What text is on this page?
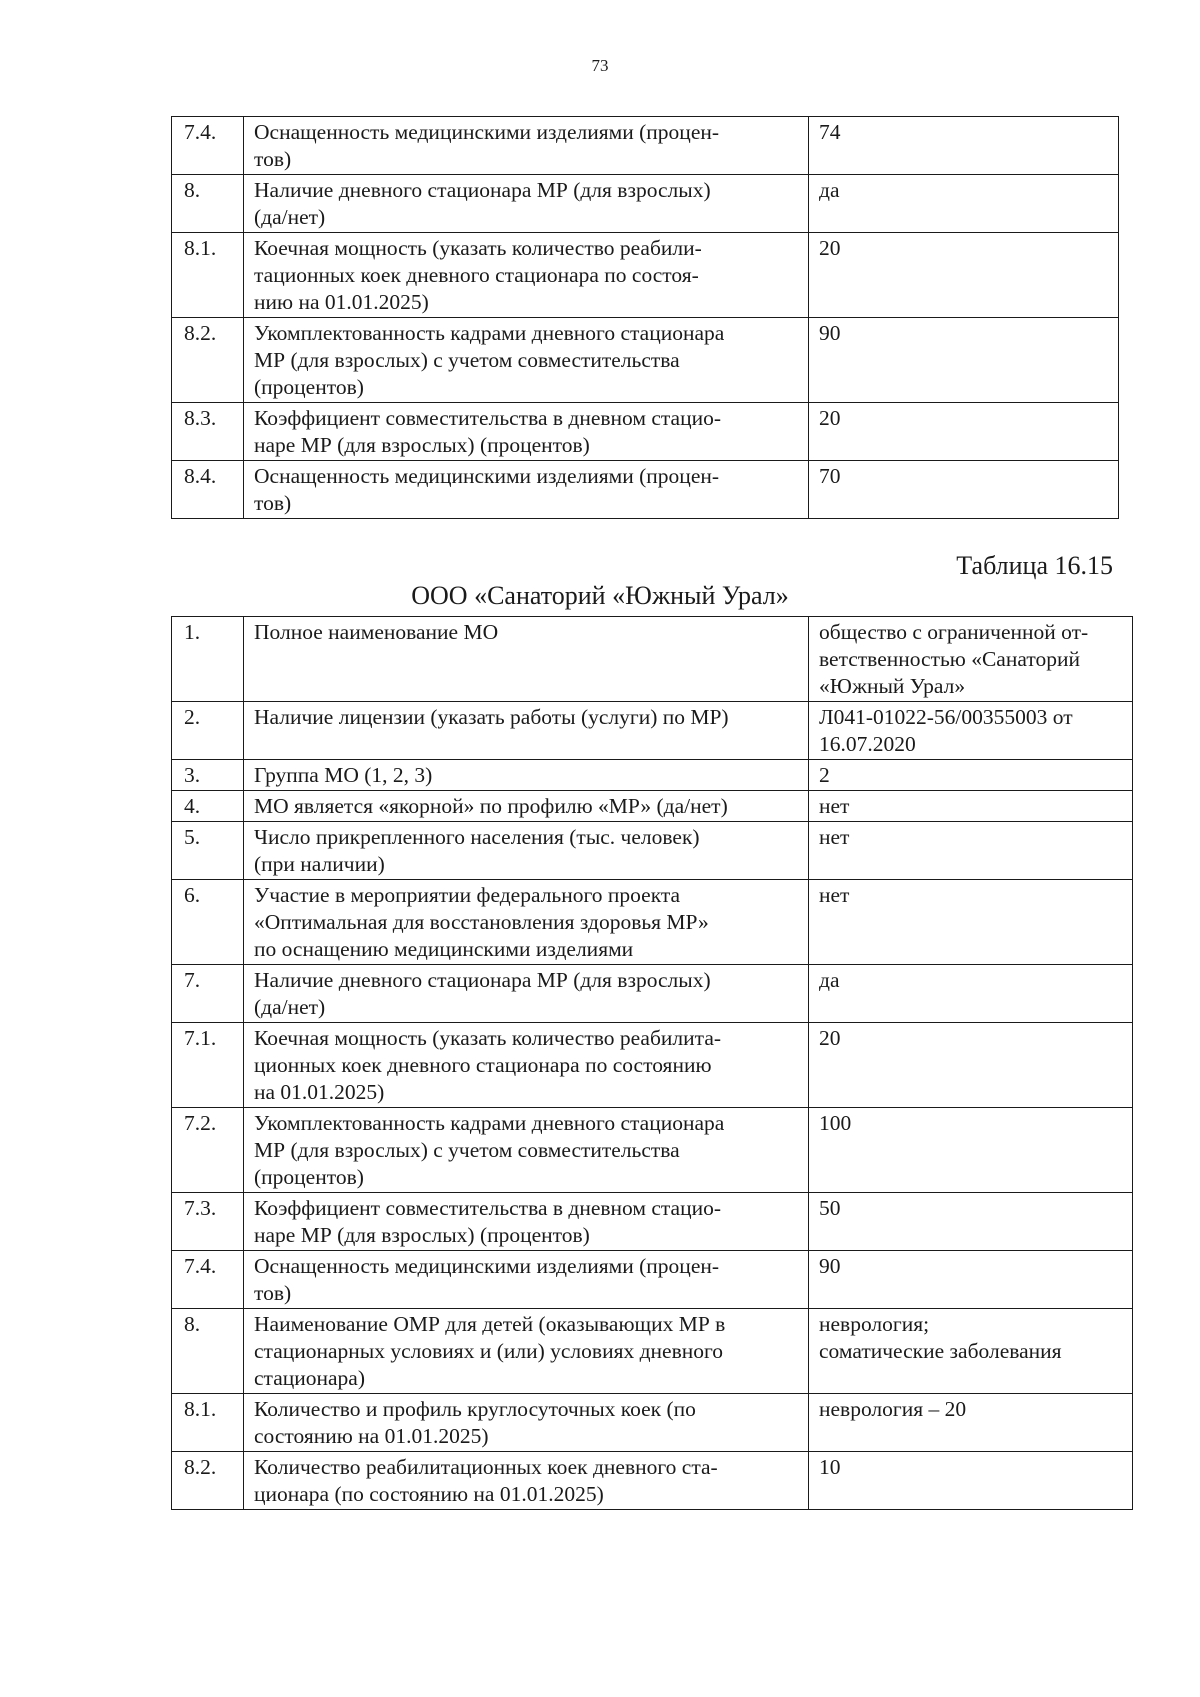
73
7.4.	Оснащенность медицинскими изделиями (процен-
тов)	74
8.	Наличие дневного стационара МР (для взрослых)
(да/нет)	да
8.1.	Коечная мощность (указать количество реабили-
тационных коек дневного стационара по состоя-
нию на 01.01.2025)	20
8.2.	Укомплектованность кадрами дневного стационара
МР (для взрослых) с учетом совместительства
(процентов)	90
8.3.	Коэффициент совместительства в дневном стацио-
наре МР (для взрослых) (процентов)	20
8.4.	Оснащенность медицинскими изделиями (процен-
тов)	70
Таблица 16.15
ООО «Санаторий «Южный Урал»
1.	Полное наименование МО	общество с ограниченной от-
ветственностью «Санаторий
«Южный Урал»
2.	Наличие лицензии (указать работы (услуги) по МР)	Л041-01022-56/00355003 от
16.07.2020
3.	Группа МО (1, 2, 3)	2
4.	МО является «якорной» по профилю «МР» (да/нет)	нет
5.	Число прикрепленного населения (тыс. человек)
(при наличии)	нет
6.	Участие в мероприятии федерального проекта
«Оптимальная для восстановления здоровья МР»
по оснащению медицинскими изделиями	нет
7.	Наличие дневного стационара МР (для взрослых)
(да/нет)	да
7.1.	Коечная мощность (указать количество реабилита-
ционных коек дневного стационара по состоянию
на 01.01.2025)	20
7.2.	Укомплектованность кадрами дневного стационара
МР (для взрослых) с учетом совместительства
(процентов)	100
7.3.	Коэффициент совместительства в дневном стацио-
наре МР (для взрослых) (процентов)	50
7.4.	Оснащенность медицинскими изделиями (процен-
тов)	90
8.	Наименование ОМР для детей (оказывающих МР в
стационарных условиях и (или) условиях дневного
стационара)	неврология;
соматические заболевания
8.1.	Количество и профиль круглосуточных коек (по
состоянию на 01.01.2025)	неврология – 20
8.2.	Количество реабилитационных коек дневного ста-
ционара (по состоянию на 01.01.2025)	10
